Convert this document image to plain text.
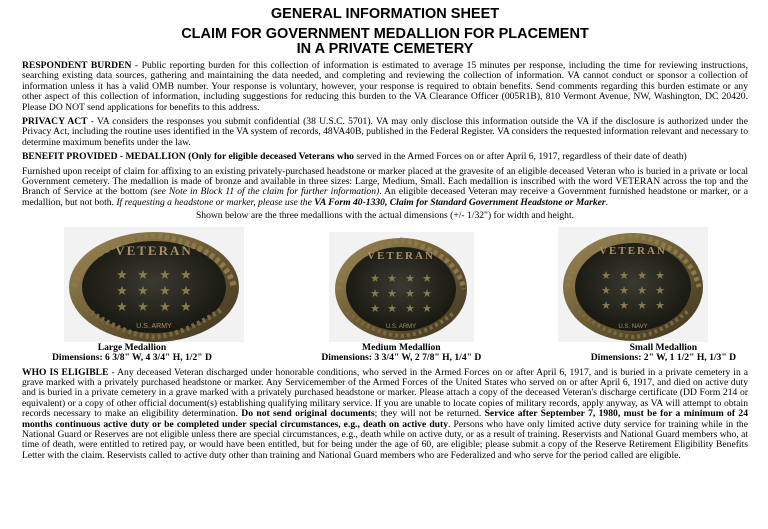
GENERAL INFORMATION SHEET
CLAIM FOR GOVERNMENT MEDALLION FOR PLACEMENT
IN A PRIVATE CEMETERY

RESPONDENT BURDEN - Public reporting burden for this collection of information is estimated to average 15 minutes per response, including the time for reviewing instructions, searching existing data sources, gathering and maintaining the data needed, and completing and reviewing the collection of information. VA cannot conduct or sponsor a collection of information unless it has a valid OMB number. Your response is voluntary, however, your response is required to obtain benefits. Send comments regarding this burden estimate or any other aspect of this collection of information, including suggestions for reducing this burden to the VA Clearance Officer (005R1B), 810 Vermont Avenue, NW, Washington, DC 20420. Please DO NOT send applications for benefits to this address.

PRIVACY ACT - VA considers the responses you submit confidential (38 U.S.C. 5701). VA may only disclose this information outside the VA if the disclosure is authorized under the Privacy Act, including the routine uses identified in the VA system of records, 48VA40B, published in the Federal Register. VA considers the requested information relevant and necessary to determine maximum benefits under the law.

BENEFIT PROVIDED - MEDALLION (Only for eligible deceased Veterans who served in the Armed Forces on or after April 6, 1917, regardless of their date of death)

Furnished upon receipt of claim for affixing to an existing privately-purchased headstone or marker placed at the gravesite of an eligible deceased Veteran who is buried in a private or local Government cemetery. The medallion is made of bronze and available in three sizes: Large, Medium, Small. Each medallion is inscribed with the word VETERAN across the top and the Branch of Service at the bottom (see Note in Block 11 of the claim for further information). An eligible deceased Veteran may receive a Government furnished headstone or marker, or a medallion, but not both. If requesting a headstone or marker, please use the VA Form 40-1330, Claim for Standard Government Headstone or Marker.

Shown below are the three medallions with the actual dimensions (+/- 1/32") for width and height.

VETERAN
U.S. ARMY
★ ★ ★ ★
★ ★ ★ ★
★ ★ ★ ★
VETERAN
U.S. ARMY
★ ★ ★ ★
★ ★ ★ ★
★ ★ ★ ★
VETERAN
U.S. NAVY
★ ★ ★ ★
★ ★ ★ ★
★ ★ ★ ★
Large Medallion
Dimensions: 6 3/8" W, 4 3/4" H, 1/2" D
Medium Medallion
Dimensions: 3 3/4" W, 2 7/8" H, 1/4" D
Small Medallion
Dimensions: 2" W, 1 1/2" H, 1/3" D

WHO IS ELIGIBLE - Any deceased Veteran discharged under honorable conditions, who served in the Armed Forces on or after April 6, 1917, and is buried in a private cemetery in a grave marked with a privately purchased headstone or marker. Any Servicemember of the Armed Forces of the United States who served on or after April 6, 1917, and died on active duty and is buried in a private cemetery in a grave marked with a privately purchased headstone or marker. Please attach a copy of the deceased Veteran's discharge certificate (DD Form 214 or equivalent) or a copy of other official document(s) establishing qualifying military service. If you are unable to locate copies of military records, apply anyway, as VA will attempt to obtain records necessary to make an eligibility determination. Do not send original documents; they will not be returned. Service after September 7, 1980, must be for a minimum of 24 months continuous active duty or be completed under special circumstances, e.g., death on active duty. Persons who have only limited active duty service for training while in the National Guard or Reserves are not eligible unless there are special circumstances, e.g., death while on active duty, or as a result of training. Reservists and National Guard members who, at time of death, were entitled to retired pay, or would have been entitled, but for being under the age of 60, are eligible; please submit a copy of the Reserve Retirement Eligibility Benefits Letter with the claim. Reservists called to active duty other than training and National Guard members who are Federalized and who serve for the period called are eligible.
